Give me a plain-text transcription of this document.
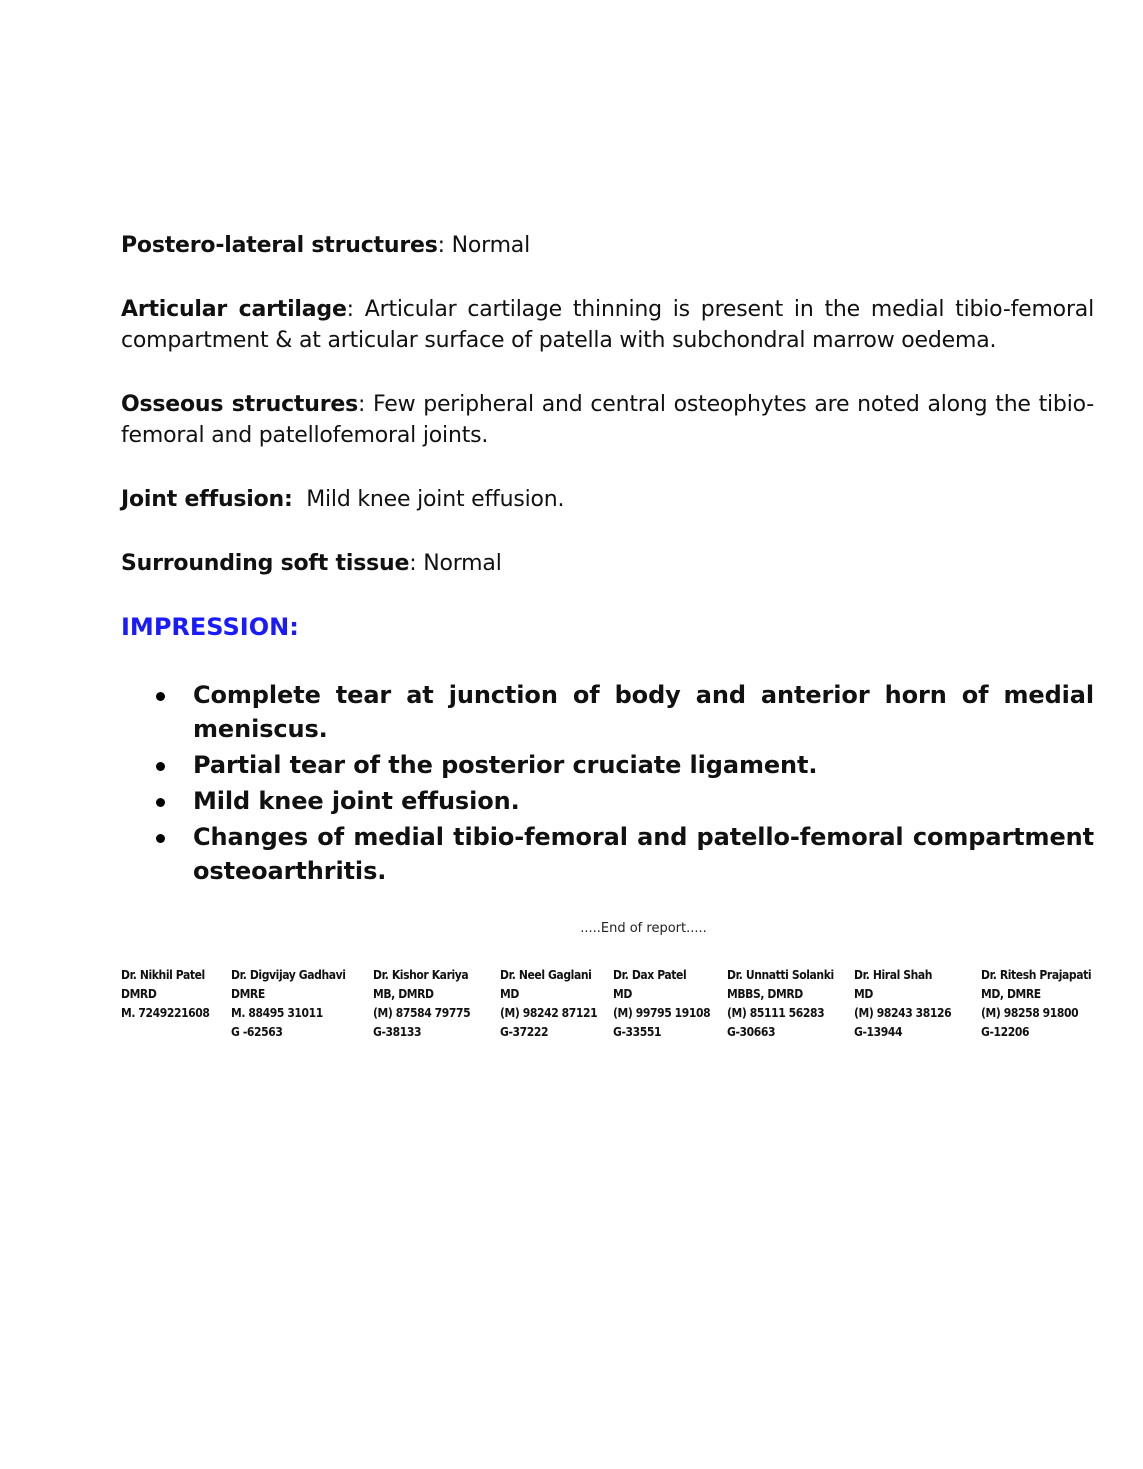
Postero-lateral structures: Normal

Articular cartilage: Articular cartilage thinning is present in the medial tibio-femoral compartment & at articular surface of patella with subchondral marrow oedema.

Osseous structures: Few peripheral and central osteophytes are noted along the tibio-femoral and patellofemoral joints.

Joint effusion:  Mild knee joint effusion.

Surrounding soft tissue: Normal

IMPRESSION:
Complete tear at junction of body and anterior horn of medial meniscus.
Partial tear of the posterior cruciate ligament.
Mild knee joint effusion.
Changes of medial tibio-femoral and patello-femoral compartment osteoarthritis.
.....End of report.....
Dr. Nikhil Patel
DMRD
M. 7249221608
Dr. Digvijay Gadhavi
DMRE
M. 88495 31011
G -62563
Dr. Kishor Kariya
MB, DMRD
(M) 87584 79775
G-38133
Dr. Neel Gaglani
MD
(M) 98242 87121
G-37222
Dr. Dax Patel
MD
(M) 99795 19108
G-33551
Dr. Unnatti Solanki
MBBS, DMRD
(M) 85111 56283
G-30663
Dr. Hiral Shah
MD
(M) 98243 38126
G-13944
Dr. Ritesh Prajapati
MD, DMRE
(M) 98258 91800
G-12206
